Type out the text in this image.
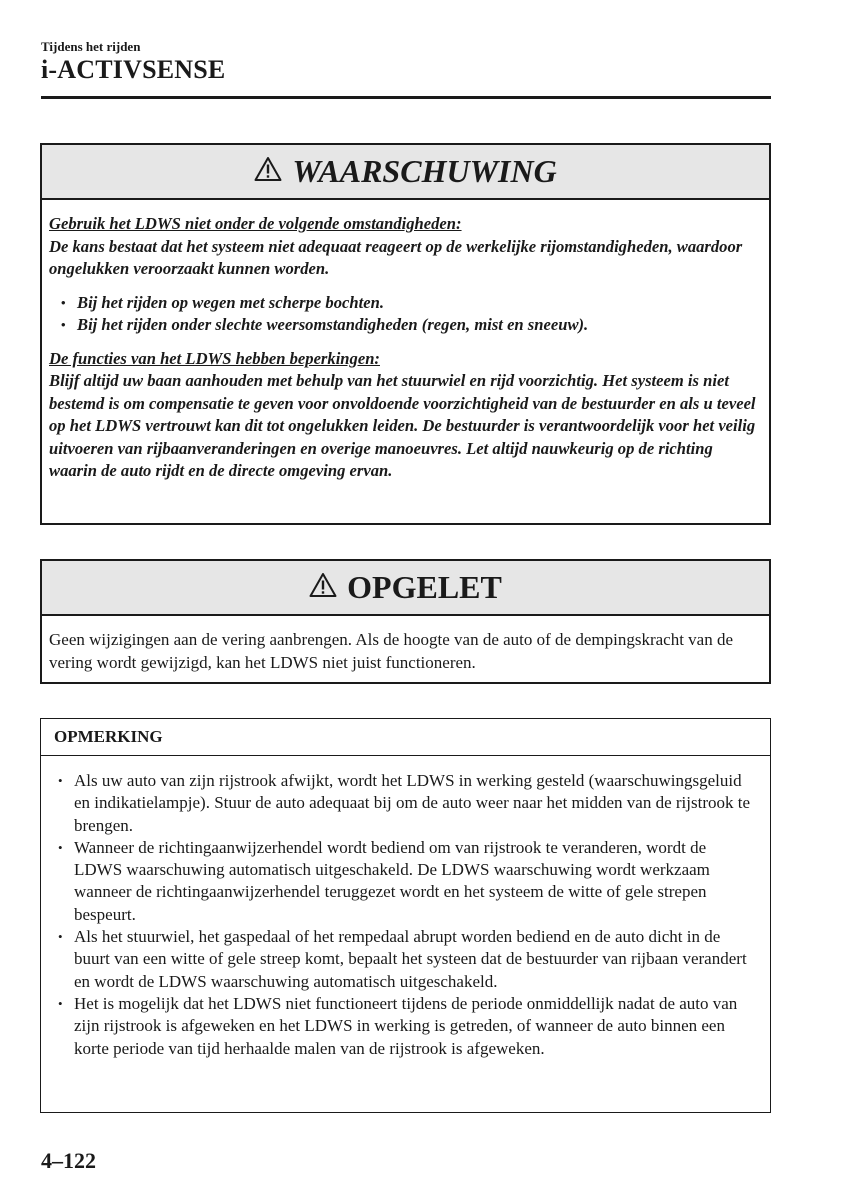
Tijdens het rijden
i-ACTIVSENSE
WAARSCHUWING
Gebruik het LDWS niet onder de volgende omstandigheden:
De kans bestaat dat het systeem niet adequaat reageert op de werkelijke rijomstandigheden, waardoor ongelukken veroorzaakt kunnen worden.
• Bij het rijden op wegen met scherpe bochten.
• Bij het rijden onder slechte weersomstandigheden (regen, mist en sneeuw).
De functies van het LDWS hebben beperkingen:
Blijf altijd uw baan aanhouden met behulp van het stuurwiel en rijd voorzichtig. Het systeem is niet bestemd is om compensatie te geven voor onvoldoende voorzichtigheid van de bestuurder en als u teveel op het LDWS vertrouwt kan dit tot ongelukken leiden. De bestuurder is verantwoordelijk voor het veilig uitvoeren van rijbaanveranderingen en overige manoeuvres. Let altijd nauwkeurig op de richting waarin de auto rijdt en de directe omgeving ervan.
OPGELET
Geen wijzigingen aan de vering aanbrengen. Als de hoogte van de auto of de dempingskracht van de vering wordt gewijzigd, kan het LDWS niet juist functioneren.
OPMERKING
• Als uw auto van zijn rijstrook afwijkt, wordt het LDWS in werking gesteld (waarschuwingsgeluid en indikatielampje). Stuur de auto adequaat bij om de auto weer naar het midden van de rijstrook te brengen.
• Wanneer de richtingaanwijzerhendel wordt bediend om van rijstrook te veranderen, wordt de LDWS waarschuwing automatisch uitgeschakeld. De LDWS waarschuwing wordt werkzaam wanneer de richtingaanwijzerhendel teruggezet wordt en het systeem de witte of gele strepen bespeurt.
• Als het stuurwiel, het gaspedaal of het rempedaal abrupt worden bediend en de auto dicht in de buurt van een witte of gele streep komt, bepaalt het systeen dat de bestuurder van rijbaan verandert en wordt de LDWS waarschuwing automatisch uitgeschakeld.
• Het is mogelijk dat het LDWS niet functioneert tijdens de periode onmiddellijk nadat de auto van zijn rijstrook is afgeweken en het LDWS in werking is getreden, of wanneer de auto binnen een korte periode van tijd herhaalde malen van de rijstrook is afgeweken.
4–122
